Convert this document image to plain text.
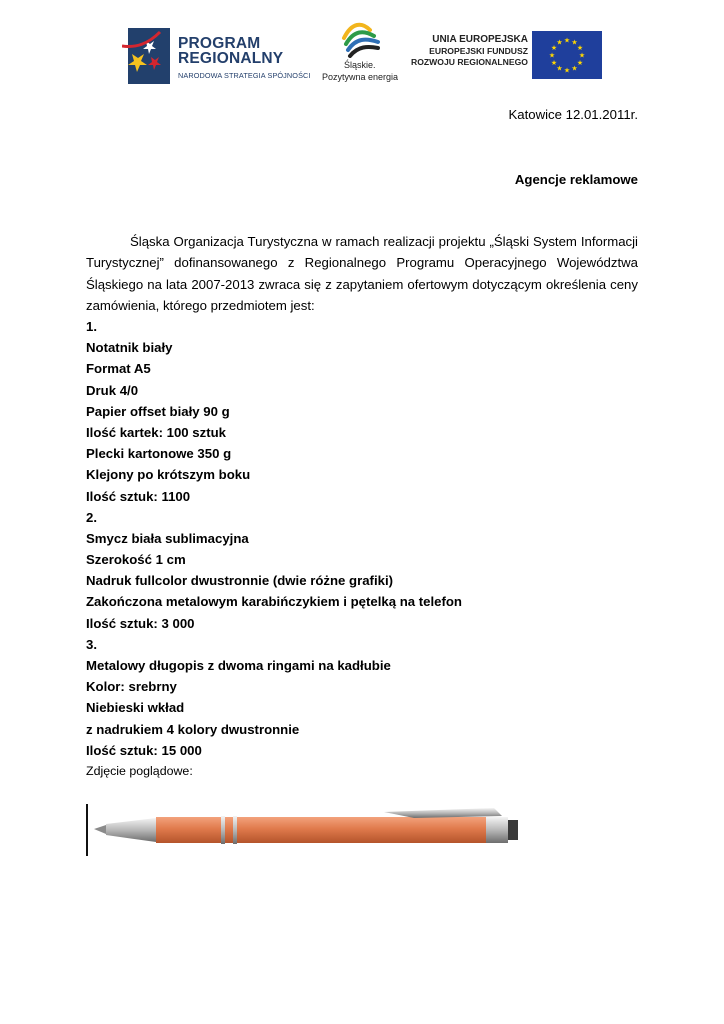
PROGRAM
REGIONALNY
NARODOWA STRATEGIA SPÓJNOŚCI
Śląskie.
Pozytywna energia
UNIA EUROPEJSKA
EUROPEJSKI FUNDUSZ
ROZWOJU REGIONALNEGO
★
★
★
★
★
★
★
★
★ ★ ★
★
Katowice 12.01.2011r.
Agencje reklamowe

Śląska Organizacja Turystyczna w ramach realizacji projektu „Śląski System Informacji Turystycznej” dofinansowanego z Regionalnego Programu Operacyjnego Województwa Śląskiego na lata 2007-2013 zwraca się z zapytaniem ofertowym dotyczącym określenia ceny zamówienia, którego przedmiotem jest:

1.
Notatnik biały
Format A5
Druk 4/0
Papier offset biały 90 g
Ilość kartek: 100 sztuk
Plecki kartonowe 350 g
Klejony po krótszym boku
Ilość sztuk: 1100
2.
Smycz biała sublimacyjna
Szerokość 1 cm
Nadruk fullcolor dwustronnie (dwie różne grafiki)
Zakończona metalowym karabińczykiem i pętelką na telefon
Ilość sztuk: 3 000
3.
Metalowy długopis z dwoma ringami na kadłubie
Kolor: srebrny
Niebieski wkład
z nadrukiem 4 kolory dwustronnie
Ilość sztuk: 15 000
Zdjęcie poglądowe:
